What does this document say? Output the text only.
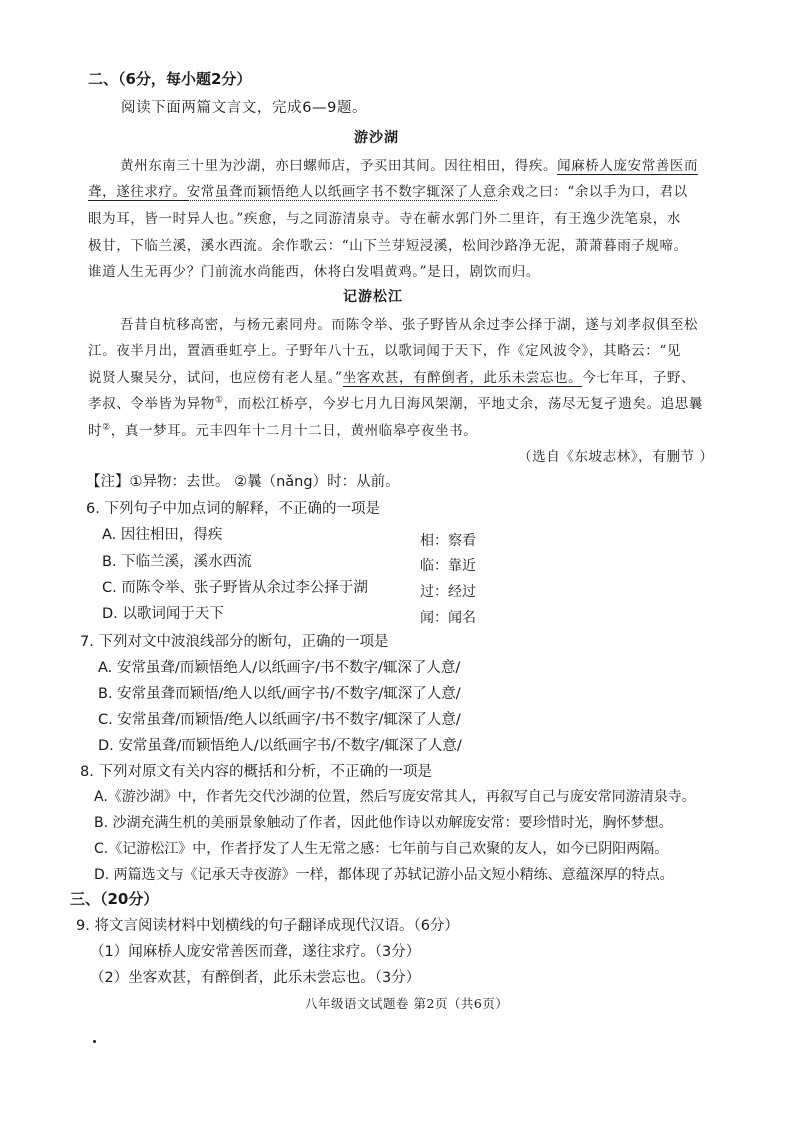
二、（6分，每小题2分）
阅读下面两篇文言文，完成6—9题。
游沙湖
黄州东南三十里为沙湖，亦曰螺师店，予买田其间。因往相田，得疾。闻麻桥人庞安常善医而
聋，遂往求疗。安常虽聋而颖悟绝人以纸画字书不数字辄深了人意余戏之曰：“余以手为口，君以
眼为耳，皆一时异人也。”疾愈，与之同游清泉寺。寺在蕲水郭门外二里许，有王逸少洗笔泉，水
极甘，下临兰溪，溪水西流。余作歌云：“山下兰芽短浸溪，松间沙路净无泥，萧萧暮雨子规啼。
谁道人生无再少？门前流水尚能西，休将白发唱黄鸡。”是日，剧饮而归。
记游松江
吾昔自杭移高密，与杨元素同舟。而陈令举、张子野皆从余过李公择于湖，遂与刘孝叔俱至松
江。夜半月出，置酒垂虹亭上。子野年八十五，以歌词闻于天下，作《定风波令》，其略云：“见
说贤人聚吴分，试问，也应傍有老人星。”坐客欢甚，有醉倒者，此乐未尝忘也。今七年耳，子野、
孝叔、令举皆为异物①，而松江桥亭，今岁七月九日海风架潮，平地丈余，荡尽无复孑遗矣。追思曩
时②，真一梦耳。元丰四年十二月十二日，黄州临皋亭夜坐书。
（选自《东坡志林》，有删节 ）
【注】①异物：去世。 ②曩（nǎng）时：从前。
6. 下列句子中加点词的解释，不正确的一项是
A. 因往相田，得疾	相：察看
B. 下临兰溪，溪水西流	临：靠近
C. 而陈令举、张子野皆从余过李公择于湖	过：经过
D. 以歌词闻于天下	闻：闻名
7. 下列对文中波浪线部分的断句，正确的一项是
A. 安常虽聋/而颖悟绝人/以纸画字/书不数字/辄深了人意/
B. 安常虽聋而颖悟/绝人以纸/画字书/不数字/辄深了人意/
C. 安常虽聋/而颖悟/绝人以纸画字/书不数字/辄深了人意/
D. 安常虽聋/而颖悟绝人/以纸画字书/不数字/辄深了人意/
8. 下列对原文有关内容的概括和分析，不正确的一项是
A.《游沙湖》中，作者先交代沙湖的位置，然后写庞安常其人，再叙写自己与庞安常同游清泉寺。
B. 沙湖充满生机的美丽景象触动了作者，因此他作诗以劝解庞安常：要珍惜时光，胸怀梦想。
C.《记游松江》中，作者抒发了人生无常之感：七年前与自己欢聚的友人，如今已阴阳两隔。
D. 两篇选文与《记承天寺夜游》一样，都体现了苏轼记游小品文短小精练、意蕴深厚的特点。
三、（20分）
9. 将文言阅读材料中划横线的句子翻译成现代汉语。（6分）
（1）闻麻桥人庞安常善医而聋，遂往求疗。（3分）
（2）坐客欢甚，有醉倒者，此乐未尝忘也。（3分）
八年级语文试题卷 第2页（共6页）
